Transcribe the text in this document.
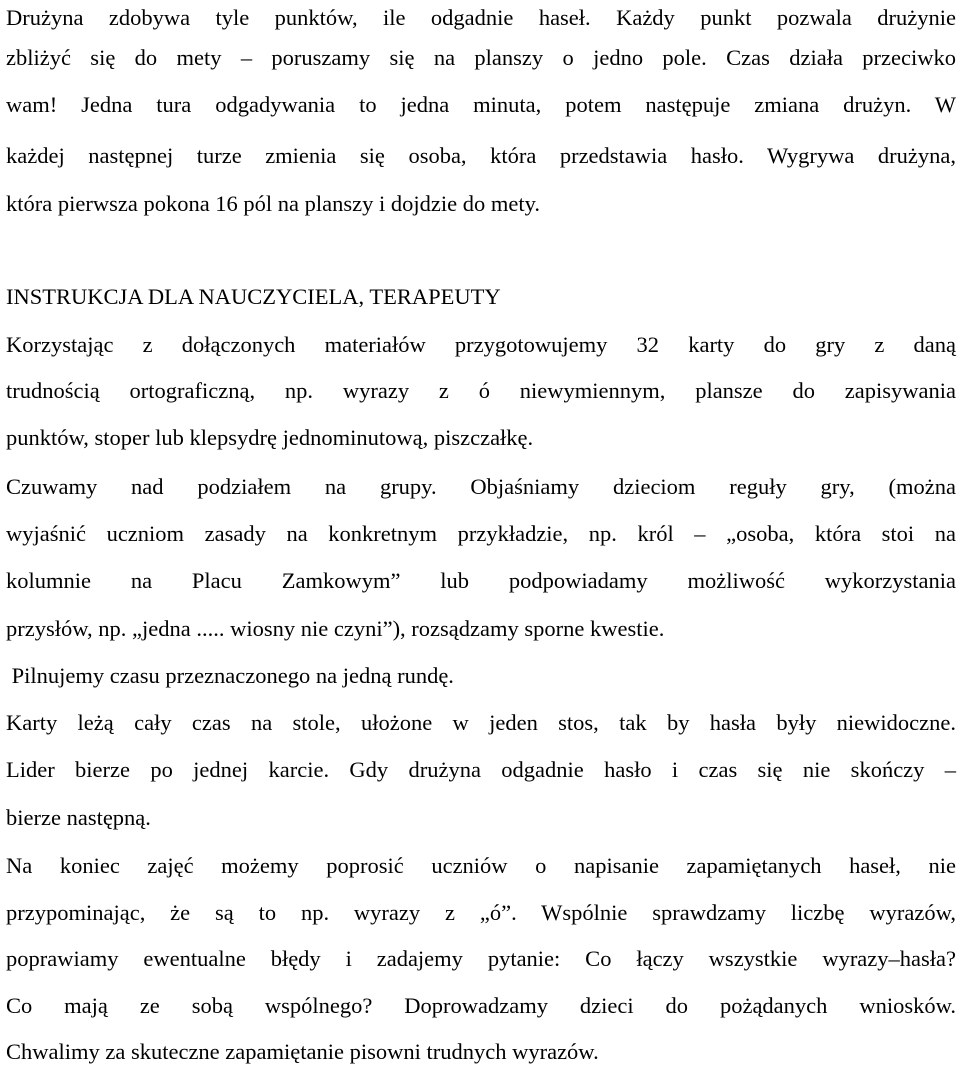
Drużyna zdobywa tyle punktów, ile odgadnie haseł. Każdy punkt pozwala drużynie
zbliżyć się do mety – poruszamy się na planszy o jedno pole. Czas działa przeciwko
wam! Jedna tura odgadywania to jedna minuta, potem następuje zmiana drużyn. W
każdej następnej turze zmienia się osoba, która przedstawia hasło. Wygrywa drużyna,
która pierwsza pokona 16 pól na planszy i dojdzie do mety.
INSTRUKCJA DLA NAUCZYCIELA, TERAPEUTY
Korzystając z dołączonych materiałów przygotowujemy 32 karty do gry z daną
trudnością ortograficzną, np. wyrazy z ó niewymiennym, plansze do zapisywania
punktów, stoper lub klepsydrę jednominutową, piszczałkę.
Czuwamy nad podziałem na grupy. Objaśniamy dzieciom reguły gry, (można
wyjaśnić uczniom zasady na konkretnym przykładzie, np. król – „osoba, która stoi na
kolumnie na Placu Zamkowym” lub podpowiadamy możliwość wykorzystania
przysłów, np. „jedna ..... wiosny nie czyni”), rozsądzamy sporne kwestie.
Pilnujemy czasu przeznaczonego na jedną rundę.
Karty leżą cały czas na stole, ułożone w jeden stos, tak by hasła były niewidoczne.
Lider bierze po jednej karcie. Gdy drużyna odgadnie hasło i czas się nie skończy –
bierze następną.
Na koniec zajęć możemy poprosić uczniów o napisanie zapamiętanych haseł, nie
przypominając, że są to np. wyrazy z „ó”. Wspólnie sprawdzamy liczbę wyrazów,
poprawiamy ewentualne błędy i zadajemy pytanie: Co łączy wszystkie wyrazy–hasła?
Co mają ze sobą wspólnego? Doprowadzamy dzieci do pożądanych wniosków.
Chwalimy za skuteczne zapamiętanie pisowni trudnych wyrazów.
